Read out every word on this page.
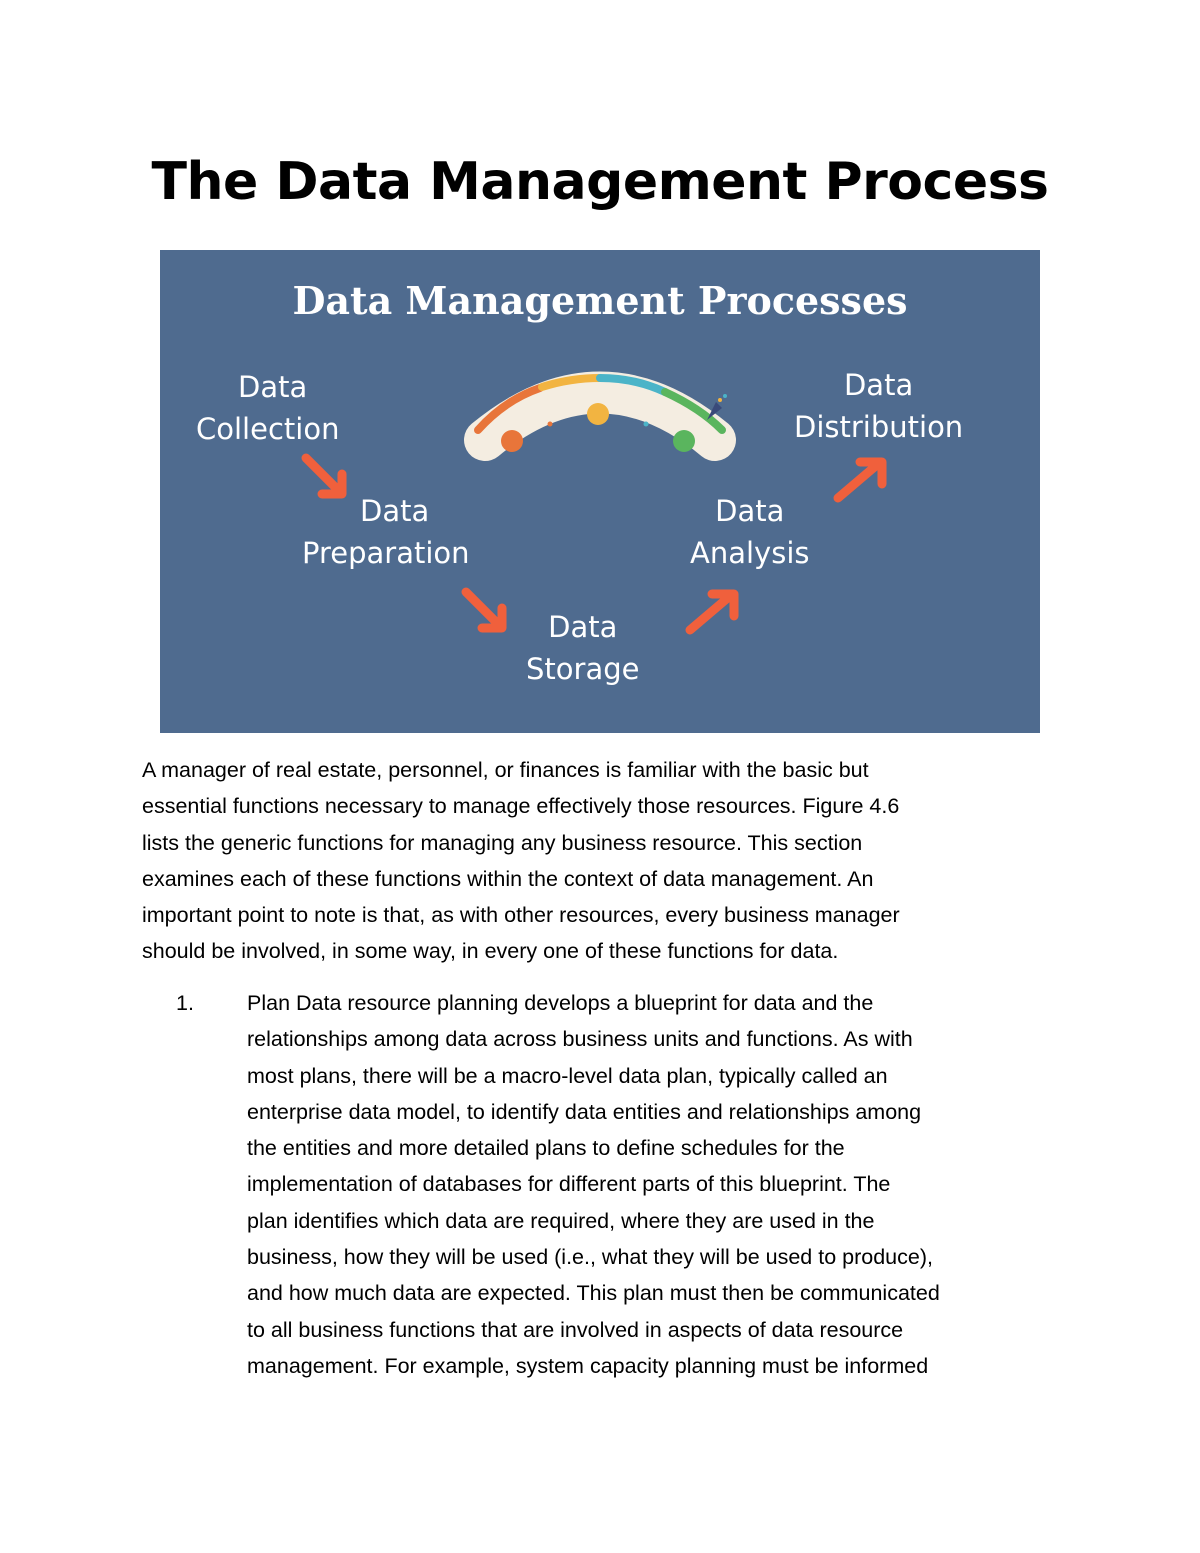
The Data Management Process
Data Management Processes
Data
Collection
Data
Preparation
Data
Storage
Data
Analysis
Data
Distribution
A manager of real estate, personnel, or finances is familiar with the basic but
essential functions necessary to manage effectively those resources. Figure 4.6
lists the generic functions for managing any business resource. This section
examines each of these functions within the context of data management. An
important point to note is that, as with other resources, every business manager
should be involved, in some way, in every one of these functions for data.
1. Plan Data resource planning develops a blueprint for data and the
relationships among data across business units and functions. As with
most plans, there will be a macro-level data plan, typically called an
enterprise data model, to identify data entities and relationships among
the entities and more detailed plans to define schedules for the
implementation of databases for different parts of this blueprint. The
plan identifies which data are required, where they are used in the
business, how they will be used (i.e., what they will be used to produce),
and how much data are expected. This plan must then be communicated
to all business functions that are involved in aspects of data resource
management. For example, system capacity planning must be informed
